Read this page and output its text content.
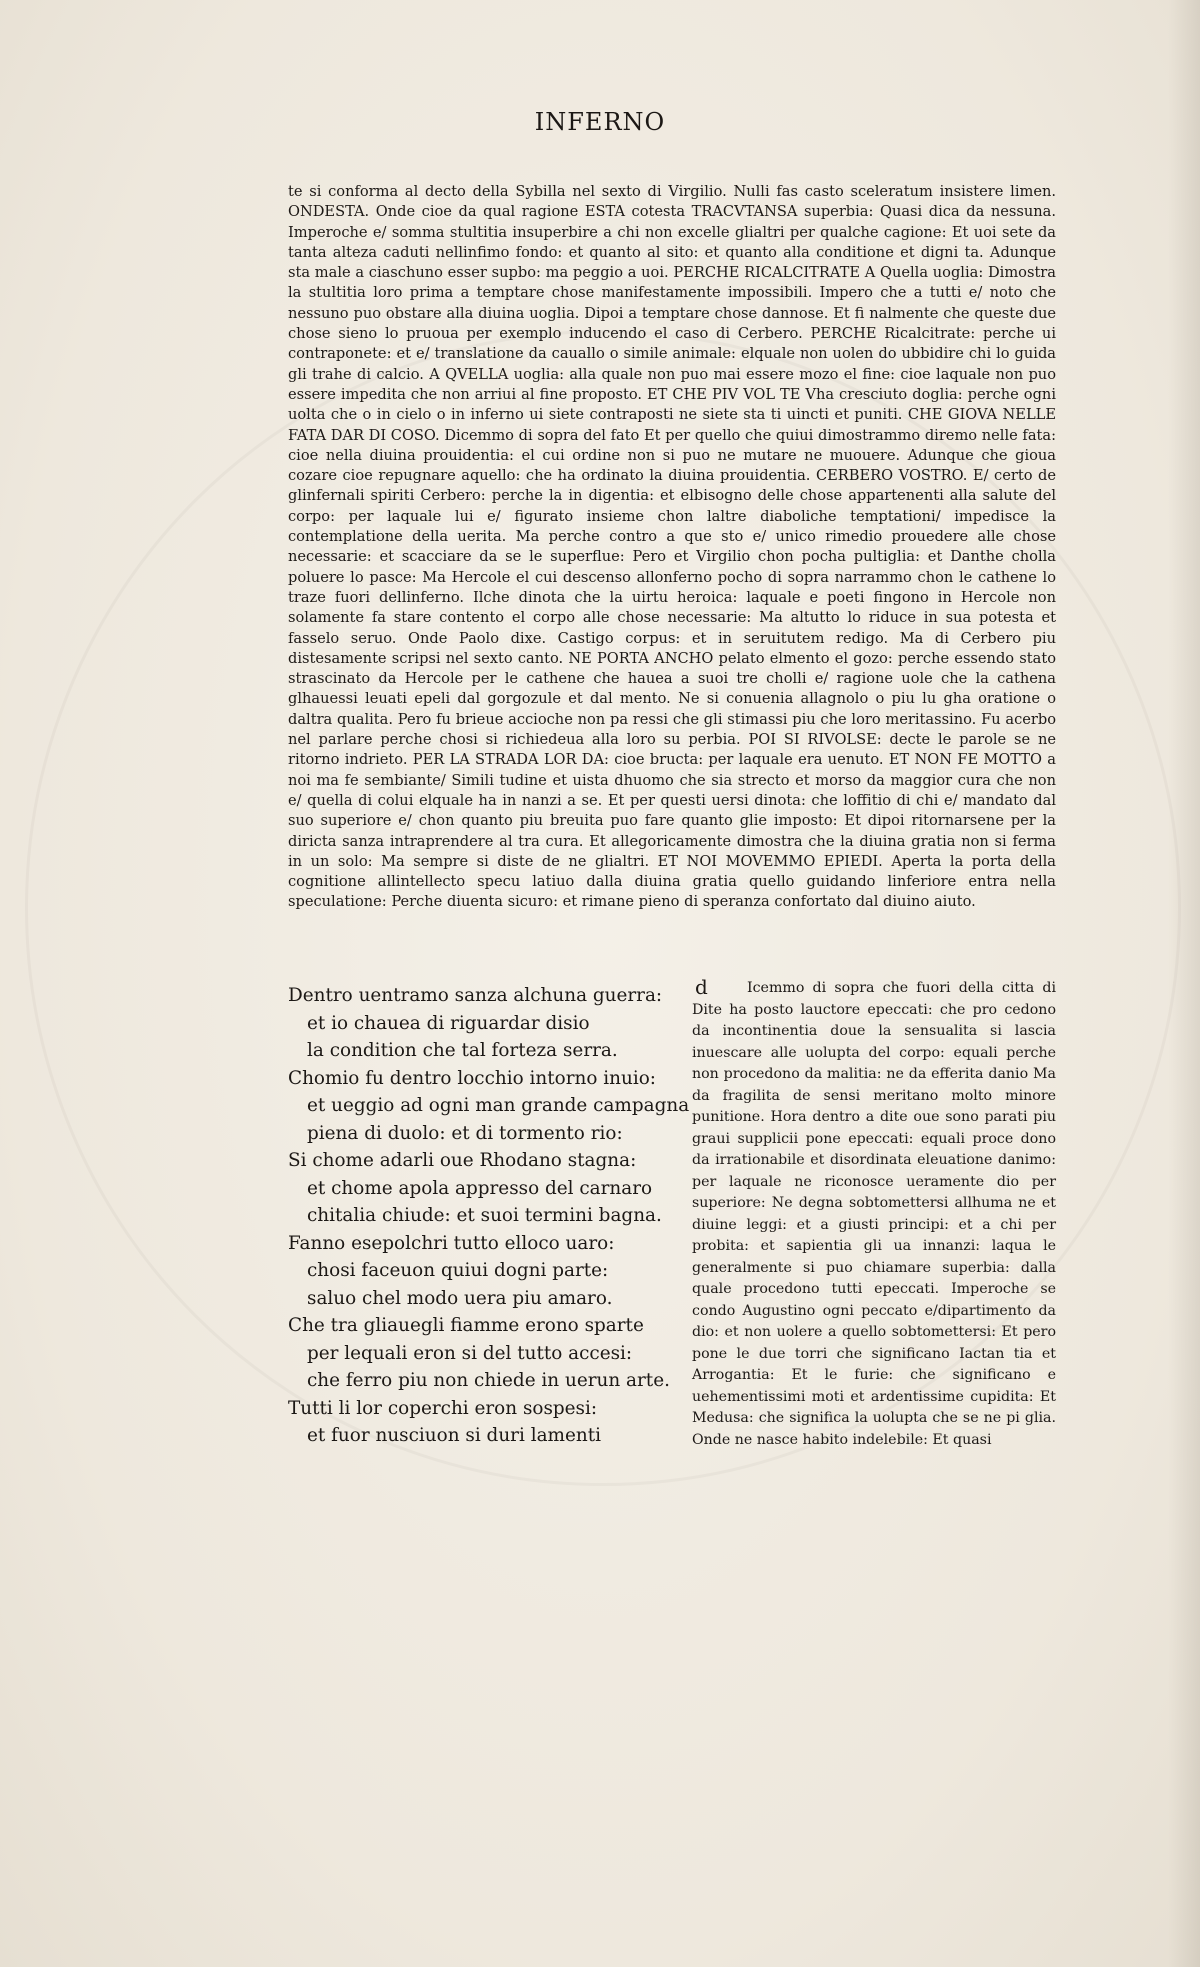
INFERNO
te si conforma al decto della Sybilla nel sexto di Virgilio. Nulli fas casto sceleratum insistere limen. ONDESTA. Onde cioe da qual ragione ESTA cotesta TRACVTANSA superbia: Quasi dica da nessuna. Imperoche e/ somma stultitia insuperbire a chi non excelle glialtri per qualche cagione: Et uoi sete da tanta alteza caduti nellinfimo fondo: et quanto al sito: et quanto alla conditione et digni ta. Adunque sta male a ciaschuno esser supbo: ma peggio a uoi. PERCHE RICALCITRATE A Quella uoglia: Dimostra la stultitia loro prima a temptare chose manifestamente impossibili. Impero che a tutti e/ noto che nessuno puo obstare alla diuina uoglia. Dipoi a temptare chose dannose. Et fi nalmente che queste due chose sieno lo pruoua per exemplo inducendo el caso di Cerbero. PERCHE Ricalcitrate: perche ui contraponete: et e/ translatione da cauallo o simile animale: elquale non uolen do ubbidire chi lo guida gli trahe di calcio. A QVELLA uoglia: alla quale non puo mai essere mozo el fine: cioe laquale non puo essere impedita che non arriui al fine proposto. ET CHE PIV VOL TE Vha cresciuto doglia: perche ogni uolta che o in cielo o in inferno ui siete contraposti ne siete sta ti uincti et puniti. CHE GIOVA NELLE FATA DAR DI COSO. Dicemmo di sopra del fato Et per quello che quiui dimostrammo diremo nelle fata: cioe nella diuina prouidentia: el cui ordine non si puo ne mutare ne muouere. Adunque che gioua cozare cioe repugnare aquello: che ha ordinato la diuina prouidentia. CERBERO VOSTRO. E/ certo de glinfernali spiriti Cerbero: perche la in digentia: et elbisogno delle chose appartenenti alla salute del corpo: per laquale lui e/ figurato insieme chon laltre diaboliche temptationi/ impedisce la contemplatione della uerita. Ma perche contro a que sto e/ unico rimedio prouedere alle chose necessarie: et scacciare da se le superflue: Pero et Virgilio chon pocha pultiglia: et Danthe cholla poluere lo pasce: Ma Hercole el cui descenso allonferno pocho di sopra narrammo chon le cathene lo traze fuori dellinferno. Ilche dinota che la uirtu heroica: laquale e poeti fingono in Hercole non solamente fa stare contento el corpo alle chose necessarie: Ma altutto lo riduce in sua potesta et fasselo seruo. Onde Paolo dixe. Castigo corpus: et in seruitutem redigo. Ma di Cerbero piu distesamente scripsi nel sexto canto. NE PORTA ANCHO pelato elmento el gozo: perche essendo stato strascinato da Hercole per le cathene che hauea a suoi tre cholli e/ ragione uole che la cathena glhauessi leuati epeli dal gorgozule et dal mento. Ne si conuenia allagnolo o piu lu gha oratione o daltra qualita. Pero fu brieue accioche non pa ressi che gli stimassi piu che loro meritassino. Fu acerbo nel parlare perche chosi si richiedeua alla loro su perbia. POI SI RIVOLSE: decte le parole se ne ritorno indrieto. PER LA STRADA LOR DA: cioe bructa: per laquale era uenuto. ET NON FE MOTTO a noi ma fe sembiante/ Simili tudine et uista dhuomo che sia strecto et morso da maggior cura che non e/ quella di colui elquale ha in nanzi a se. Et per questi uersi dinota: che loffitio di chi e/ mandato dal suo superiore e/ chon quanto piu breuita puo fare quanto glie imposto: Et dipoi ritornarsene per la diricta sanza intraprendere al tra cura. Et allegoricamente dimostra che la diuina gratia non si ferma in un solo: Ma sempre si diste de ne glialtri. ET NOI MOVEMMO EPIEDI. Aperta la porta della cognitione allintellecto specu latiuo dalla diuina gratia quello guidando linferiore entra nella speculatione: Perche diuenta sicuro: et rimane pieno di speranza confortato dal diuino aiuto.
Dentro uentramo sanza alchuna guerra:
et io chauea di riguardar disio
la condition che tal forteza serra.
Chomio fu dentro locchio intorno inuio:
et ueggio ad ogni man grande campagna
piena di duolo: et di tormento rio:
Si chome adarli oue Rhodano stagna:
et chome apola appresso del carnaro
chitalia chiude: et suoi termini bagna.
Fanno esepolchri tutto elloco uaro:
chosi faceuon quiui dogni parte:
saluo chel modo uera piu amaro.
Che tra gliauegli fiamme erono sparte
per lequali eron si del tutto accesi:
che ferro piu non chiede in uerun arte.
Tutti li lor coperchi eron sospesi:
et fuor nusciuon si duri lamenti
d	Icemmo di sopra che fuori della citta di Dite ha posto lauctore epeccati: che pro cedono da incontinentia doue la sensualita si lascia inuescare alle uolupta del corpo: equali perche non procedono da malitia: ne da efferita danio Ma da fragilita de sensi meritano molto minore punitione. Hora dentro a dite oue sono parati piu graui supplicii pone epeccati: equali proce dono da irrationabile et disordinata eleuatione danimo: per laquale ne riconosce ueramente dio per superiore: Ne degna sobtomettersi allhuma ne et diuine leggi: et a giusti principi: et a chi per probita: et sapientia gli ua innanzi: laqua le generalmente si puo chiamare superbia: dalla quale procedono tutti epeccati. Imperoche se condo Augustino ogni peccato e/dipartimento da dio: et non uolere a quello sobtomettersi: Et pero pone le due torri che significano Iactan tia et Arrogantia: Et le furie: che significano e uehementissimi moti et ardentissime cupidita: Et Medusa: che significa la uolupta che se ne pi glia. Onde ne nasce habito indelebile: Et quasi
